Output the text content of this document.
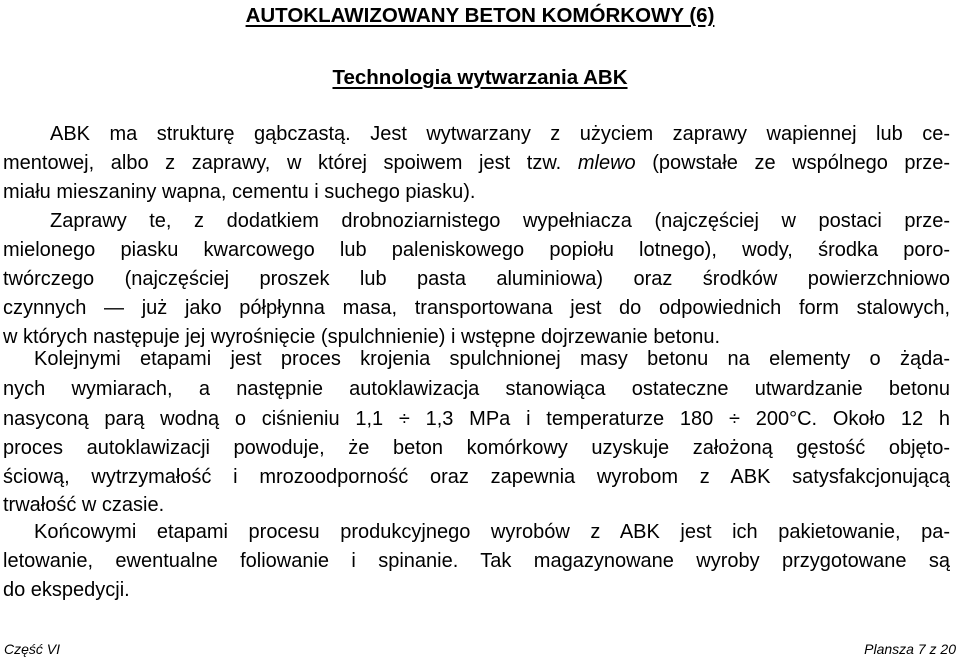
AUTOKLAWIZOWANY BETON KOMÓRKOWY (6)
Technologia wytwarzania ABK
ABK ma strukturę gąbczastą. Jest wytwarzany z użyciem zaprawy wapiennej lub ce-
mentowej, albo z zaprawy, w której spoiwem jest tzw. mlewo (powstałe ze wspólnego prze-
miału mieszaniny wapna, cementu i suchego piasku).
Zaprawy te, z dodatkiem drobnoziarnistego wypełniacza (najczęściej w postaci prze-
mielonego piasku kwarcowego lub paleniskowego popiołu lotnego), wody, środka poro-
twórczego (najczęściej proszek lub pasta aluminiowa) oraz środków powierzchniowo
czynnych — już jako półpłynna masa, transportowana jest do odpowiednich form stalowych,
w których następuje jej wyrośnięcie (spulchnienie) i wstępne dojrzewanie betonu.
Kolejnymi etapami jest proces krojenia spulchnionej masy betonu na elementy o żąda-
nych wymiarach, a następnie autoklawizacja stanowiąca ostateczne utwardzanie betonu
nasyconą parą wodną o ciśnieniu 1,1 ÷ 1,3 MPa i temperaturze 180 ÷ 200°C. Około 12 h
proces autoklawizacji powoduje, że beton komórkowy uzyskuje założoną gęstość objęto-
ściową, wytrzymałość i mrozoodporność oraz zapewnia wyrobom z ABK satysfakcjonującą
trwałość w czasie.
Końcowymi etapami procesu produkcyjnego wyrobów z ABK jest ich pakietowanie, pa-
letowanie, ewentualne foliowanie i spinanie. Tak magazynowane wyroby przygotowane są
do ekspedycji.
Część VI	Plansza 7 z 20
